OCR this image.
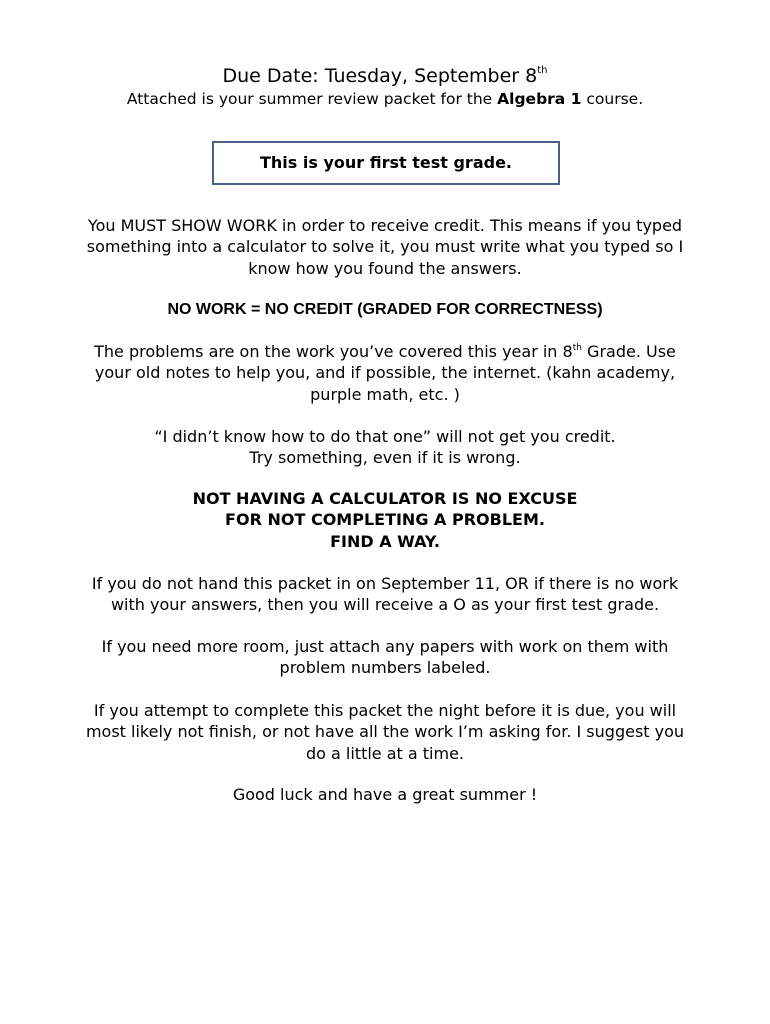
Due Date: Tuesday, September 8th
Attached is your summer review packet for the Algebra 1 course.
This is your first test grade.
You MUST SHOW WORK in order to receive credit. This means if you typed
something into a calculator to solve it, you must write what you typed so I
know how you found the answers.
NO WORK = NO CREDIT (GRADED FOR CORRECTNESS)
The problems are on the work you’ve covered this year in 8th Grade. Use
your old notes to help you, and if possible, the internet. (kahn academy,
purple math, etc. )
“I didn’t know how to do that one” will not get you credit.
Try something, even if it is wrong.
NOT HAVING A CALCULATOR IS NO EXCUSE
FOR NOT COMPLETING A PROBLEM.
FIND A WAY.
If you do not hand this packet in on September 11, OR if there is no work
with your answers, then you will receive a O as your first test grade.
If you need more room, just attach any papers with work on them with
problem numbers labeled.
If you attempt to complete this packet the night before it is due, you will
most likely not finish, or not have all the work I’m asking for. I suggest you
do a little at a time.
Good luck and have a great summer !
